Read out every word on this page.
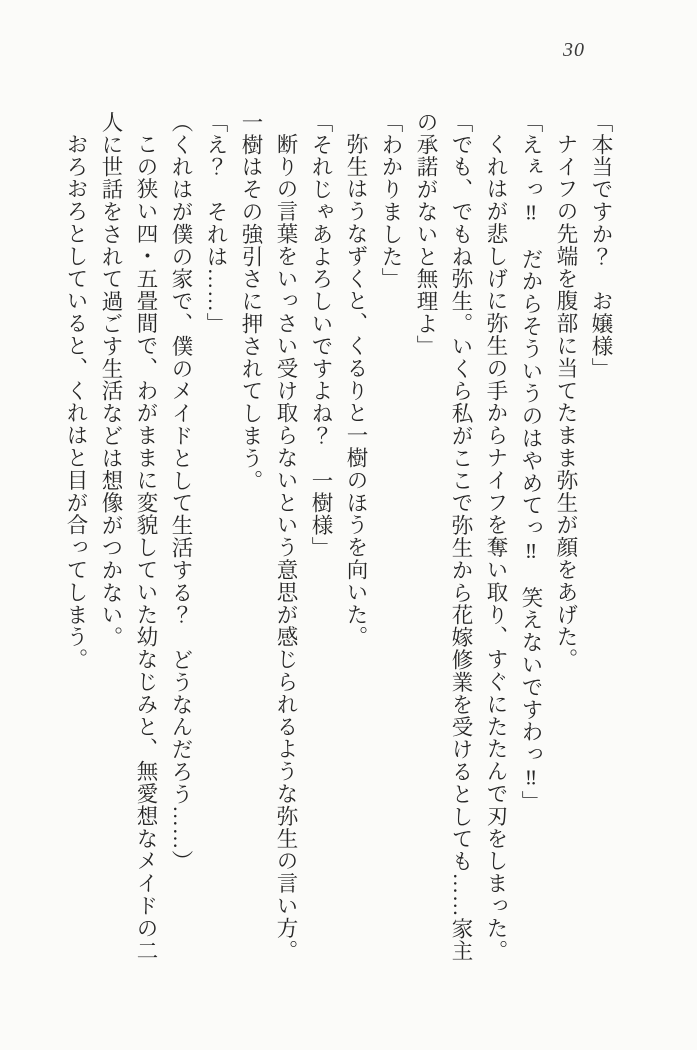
30

「本当ですか？　お嬢様」

ナイフの先端を腹部に当てたまま弥生が顔をあげた。

「えぇっ‼　だからそういうのはやめてっ‼　笑えないですわっ‼」

くれはが悲しげに弥生の手からナイフを奪い取り、すぐにたたんで刃をしまった。

「でも、でもね弥生。いくら私がここで弥生から花嫁修業を受けるとしても……家主の承諾がないと無理よ」

「わかりました」

弥生はうなずくと、くるりと一樹のほうを向いた。

「それじゃあよろしいですよね？　一樹様」

断りの言葉をいっさい受け取らないという意思が感じられるような弥生の言い方。一樹はその強引さに押されてしまう。

「え？　それは……」

（くれはが僕の家で、僕のメイドとして生活する？　どうなんだろう……）

この狭い四・五畳間で、わがままに変貌していた幼なじみと、無愛想なメイドの二人に世話をされて過ごす生活などは想像がつかない。

おろおろとしていると、くれはと目が合ってしまう。
